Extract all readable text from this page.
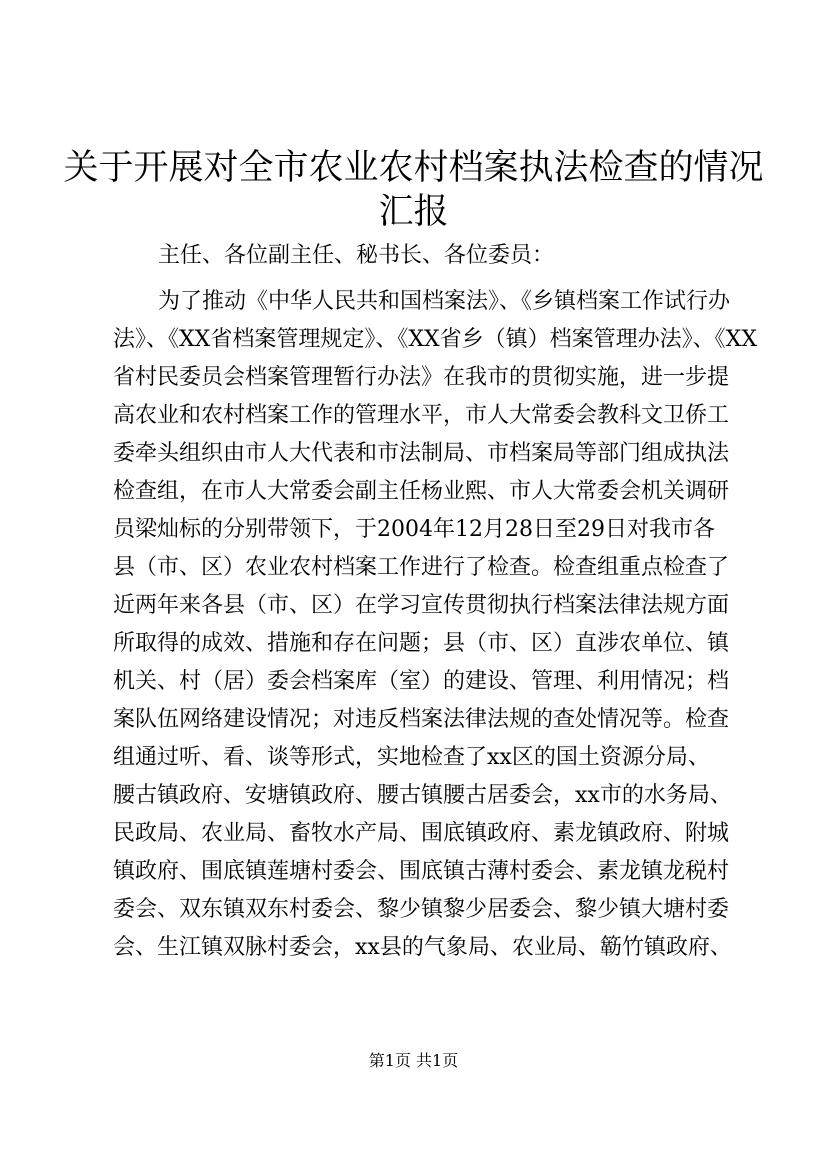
关于开展对全市农业农村档案执法检查的情况
汇报
主任、各位副主任、秘书长、各位委员：
为了推动《中华人民共和国档案法》、《乡镇档案工作试行办
法》、《XX省档案管理规定》、《XX省乡（镇）档案管理办法》、《XX
省村民委员会档案管理暂行办法》在我市的贯彻实施，进一步提
高农业和农村档案工作的管理水平，市人大常委会教科文卫侨工
委牵头组织由市人大代表和市法制局、市档案局等部门组成执法
检查组，在市人大常委会副主任杨业熙、市人大常委会机关调研
员梁灿标的分别带领下，于2004年12月28日至29日对我市各
县（市、区）农业农村档案工作进行了检查。检查组重点检查了
近两年来各县（市、区）在学习宣传贯彻执行档案法律法规方面
所取得的成效、措施和存在问题；县（市、区）直涉农单位、镇
机关、村（居）委会档案库（室）的建设、管理、利用情况；档
案队伍网络建设情况；对违反档案法律法规的查处情况等。检查
组通过听、看、谈等形式，实地检查了xx区的国土资源分局、
腰古镇政府、安塘镇政府、腰古镇腰古居委会，xx市的水务局、
民政局、农业局、畜牧水产局、围底镇政府、素龙镇政府、附城
镇政府、围底镇莲塘村委会、围底镇古薄村委会、素龙镇龙税村
委会、双东镇双东村委会、黎少镇黎少居委会、黎少镇大塘村委
会、生江镇双脉村委会，xx县的气象局、农业局、簕竹镇政府、
第1页 共1页
